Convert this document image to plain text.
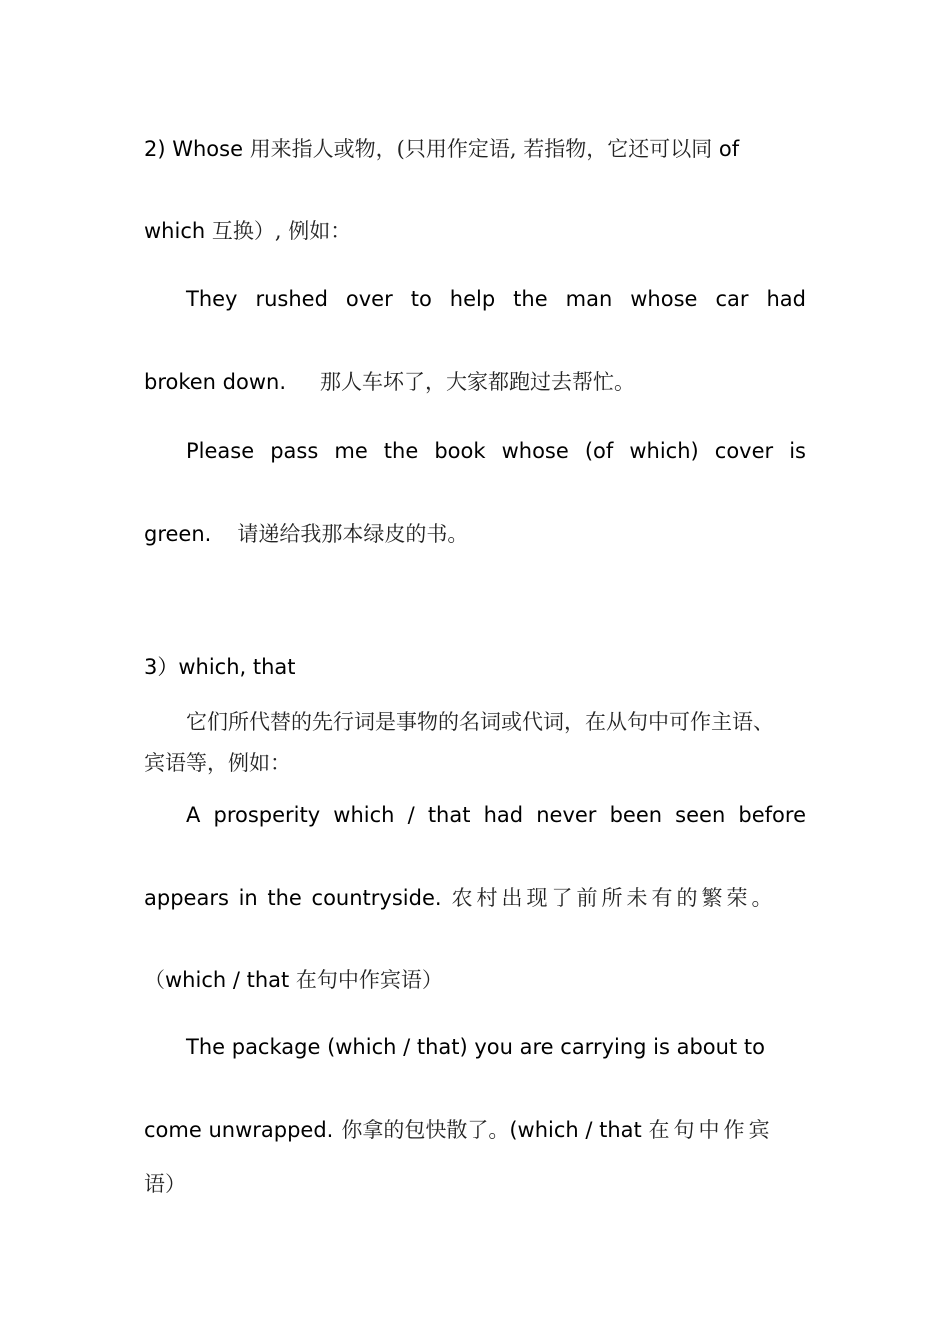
2) Whose 用来指人或物，(只用作定语, 若指物，它还可以同 of
which 互换）, 例如：
They rushed over to help the man whose car had
broken down. 那人车坏了，大家都跑过去帮忙。
Please pass me the book whose (of which) cover is
green. 请递给我那本绿皮的书。
3）which, that
它们所代替的先行词是事物的名词或代词，在从句中可作主语、
宾语等，例如：
A prosperity which / that had never been seen before
appears in the countryside. 农村出现了前所未有的繁荣。
（which / that 在句中作宾语）
The package (which / that) you are carrying is about to
come unwrapped. 你拿的包快散了。(which / that 在句中作宾
语）
